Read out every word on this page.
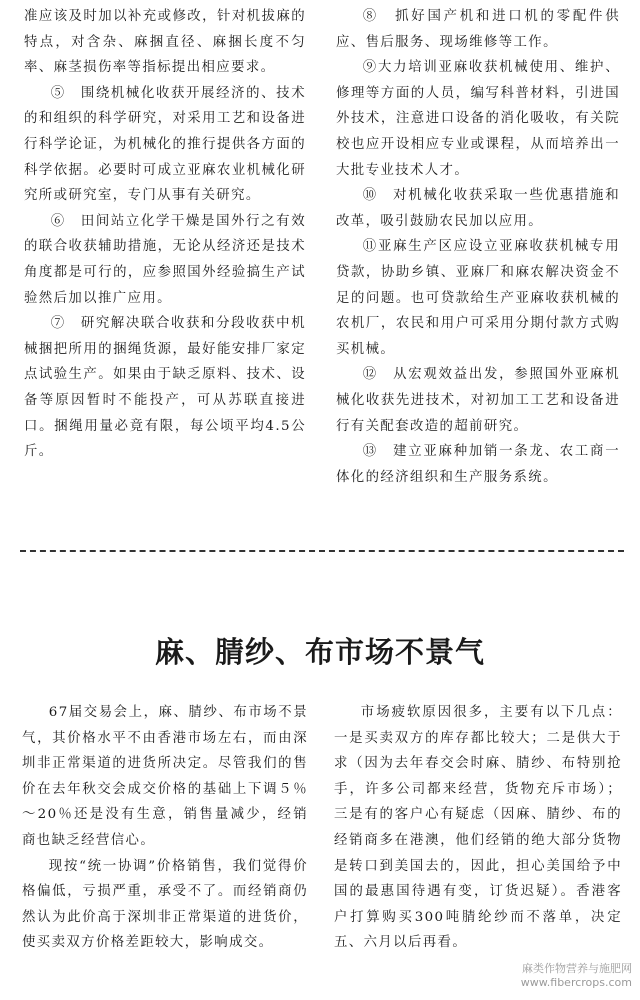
准应该及时加以补充或修改，针对机拔麻的特点，对含杂、麻捆直径、麻捆长度不匀率、麻茎损伤率等指标提出相应要求。

⑤　围绕机械化收获开展经济的、技术的和组织的科学研究，对采用工艺和设备进行科学论证，为机械化的推行提供各方面的科学依据。必要时可成立亚麻农业机械化研究所或研究室，专门从事有关研究。

⑥　田间站立化学干燥是国外行之有效的联合收获辅助措施，无论从经济还是技术角度都是可行的，应参照国外经验搞生产试验然后加以推广应用。

⑦　研究解决联合收获和分段收获中机械捆把所用的捆绳货源，最好能安排厂家定点试验生产。如果由于缺乏原料、技术、设备等原因暂时不能投产，可从苏联直接进口。捆绳用量必竟有限，每公顷平均4.5公斤。

⑧　抓好国产机和进口机的零配件供应、售后服务、现场维修等工作。

⑨大力培训亚麻收获机械使用、维护、修理等方面的人员，编写科普材料，引进国外技术，注意进口设备的消化吸收，有关院校也应开设相应专业或课程，从而培养出一大批专业技术人才。

⑩　对机械化收获采取一些优惠措施和改革，吸引鼓励农民加以应用。

⑪亚麻生产区应设立亚麻收获机械专用贷款，协助乡镇、亚麻厂和麻农解决资金不足的问题。也可贷款给生产亚麻收获机械的农机厂，农民和用户可采用分期付款方式购买机械。

⑫　从宏观效益出发，参照国外亚麻机械化收获先进技术，对初加工工艺和设备进行有关配套改造的超前研究。

⑬　建立亚麻种加销一条龙、农工商一体化的经济组织和生产服务系统。

麻、腈纱、布市场不景气

67届交易会上，麻、腈纱、布市场不景气，其价格水平不由香港市场左右，而由深圳非正常渠道的进货所决定。尽管我们的售价在去年秋交会成交价格的基础上下调５％～20％还是没有生意，销售量减少，经销商也缺乏经营信心。

现按“统一协调”价格销售，我们觉得价格偏低，亏损严重，承受不了。而经销商仍然认为此价高于深圳非正常渠道的进货价，使买卖双方价格差距较大，影响成交。

市场疲软原因很多，主要有以下几点：一是买卖双方的库存都比较大；二是供大于求（因为去年春交会时麻、腈纱、布特别抢手，许多公司都来经营，货物充斥市场）；三是有的客户心有疑虑（因麻、腈纱、布的经销商多在港澳，他们经销的绝大部分货物是转口到美国去的，因此，担心美国给予中国的最惠国待遇有变，订货迟疑）。香港客户打算购买300吨腈纶纱而不落单，决定五、六月以后再看。

麻类作物营养与施肥网
www.fibercrops.com
